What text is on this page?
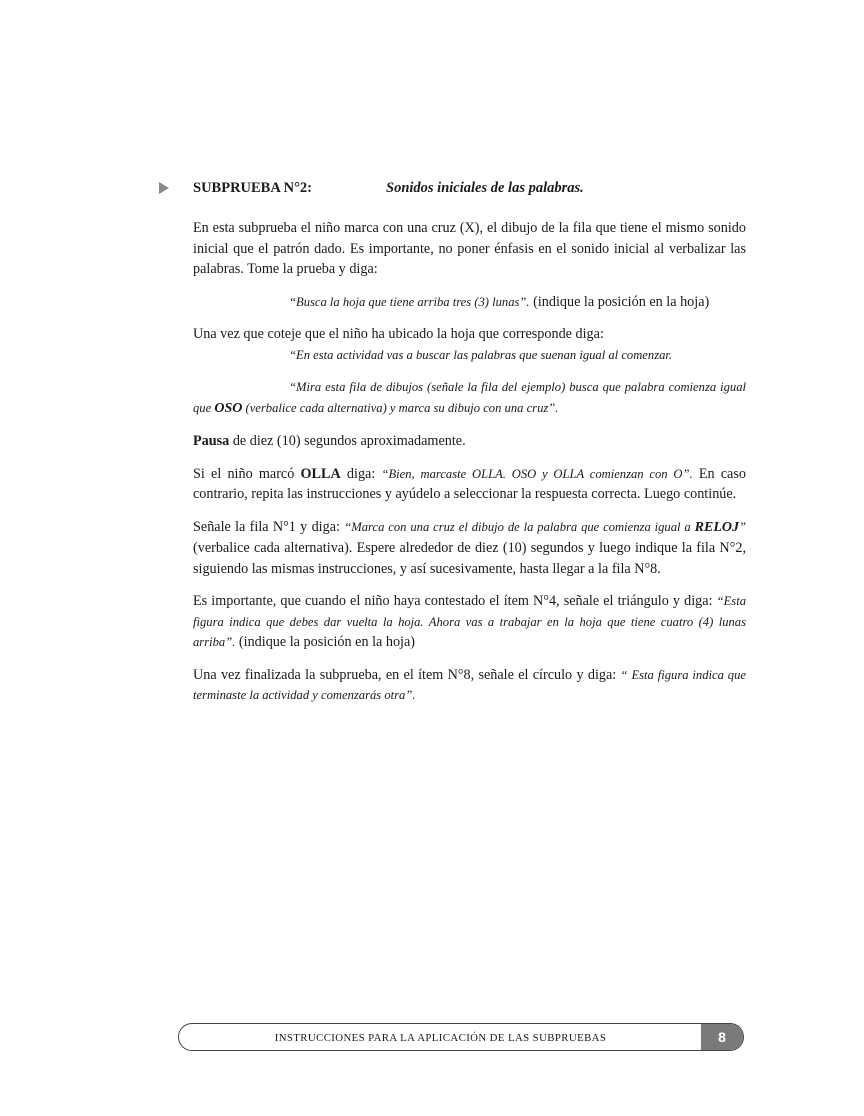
SUBPRUEBA N°2:	Sonidos iniciales de las palabras.

En esta subprueba el niño marca con una cruz (X), el dibujo de la fila que tiene el mismo sonido inicial que el patrón dado. Es importante, no poner énfasis en el sonido inicial al verbalizar las palabras. Tome la prueba y diga:

“Busca la hoja que tiene arriba tres (3) lunas”. (indique la posición en la hoja)

Una vez que coteje que el niño ha ubicado la hoja que corresponde diga:

“En esta actividad vas a buscar las palabras que suenan igual al comenzar.

“Mira esta fila de dibujos (señale la fila del ejemplo) busca que palabra comienza igual que OSO (verbalice cada alternativa) y marca su dibujo con una cruz”.

Pausa de diez (10) segundos aproximadamente.

Si el niño marcó OLLA diga: “Bien, marcaste OLLA. OSO y OLLA comienzan con O”. En caso contrario, repita las instrucciones y ayúdelo a seleccionar la respuesta correcta. Luego continúe.

Señale la fila N°1 y diga: “Marca con una cruz el dibujo de la palabra que comienza igual a RELOJ” (verbalice cada alternativa). Espere alrededor de diez (10) segundos y luego indique la fila N°2, siguiendo las mismas instrucciones, y así sucesivamente, hasta llegar a la fila N°8.

Es importante, que cuando el niño haya contestado el ítem N°4, señale el triángulo y diga: “Esta figura indica que debes dar vuelta la hoja. Ahora vas a trabajar en la hoja que tiene cuatro (4) lunas arriba”. (indique la posición en la hoja)

Una vez finalizada la subprueba, en el ítem N°8, señale el círculo y diga: “ Esta figura indica que terminaste la actividad y comenzarás otra”.

INSTRUCCIONES PARA LA APLICACIÓN DE LAS SUBPRUEBAS	8
